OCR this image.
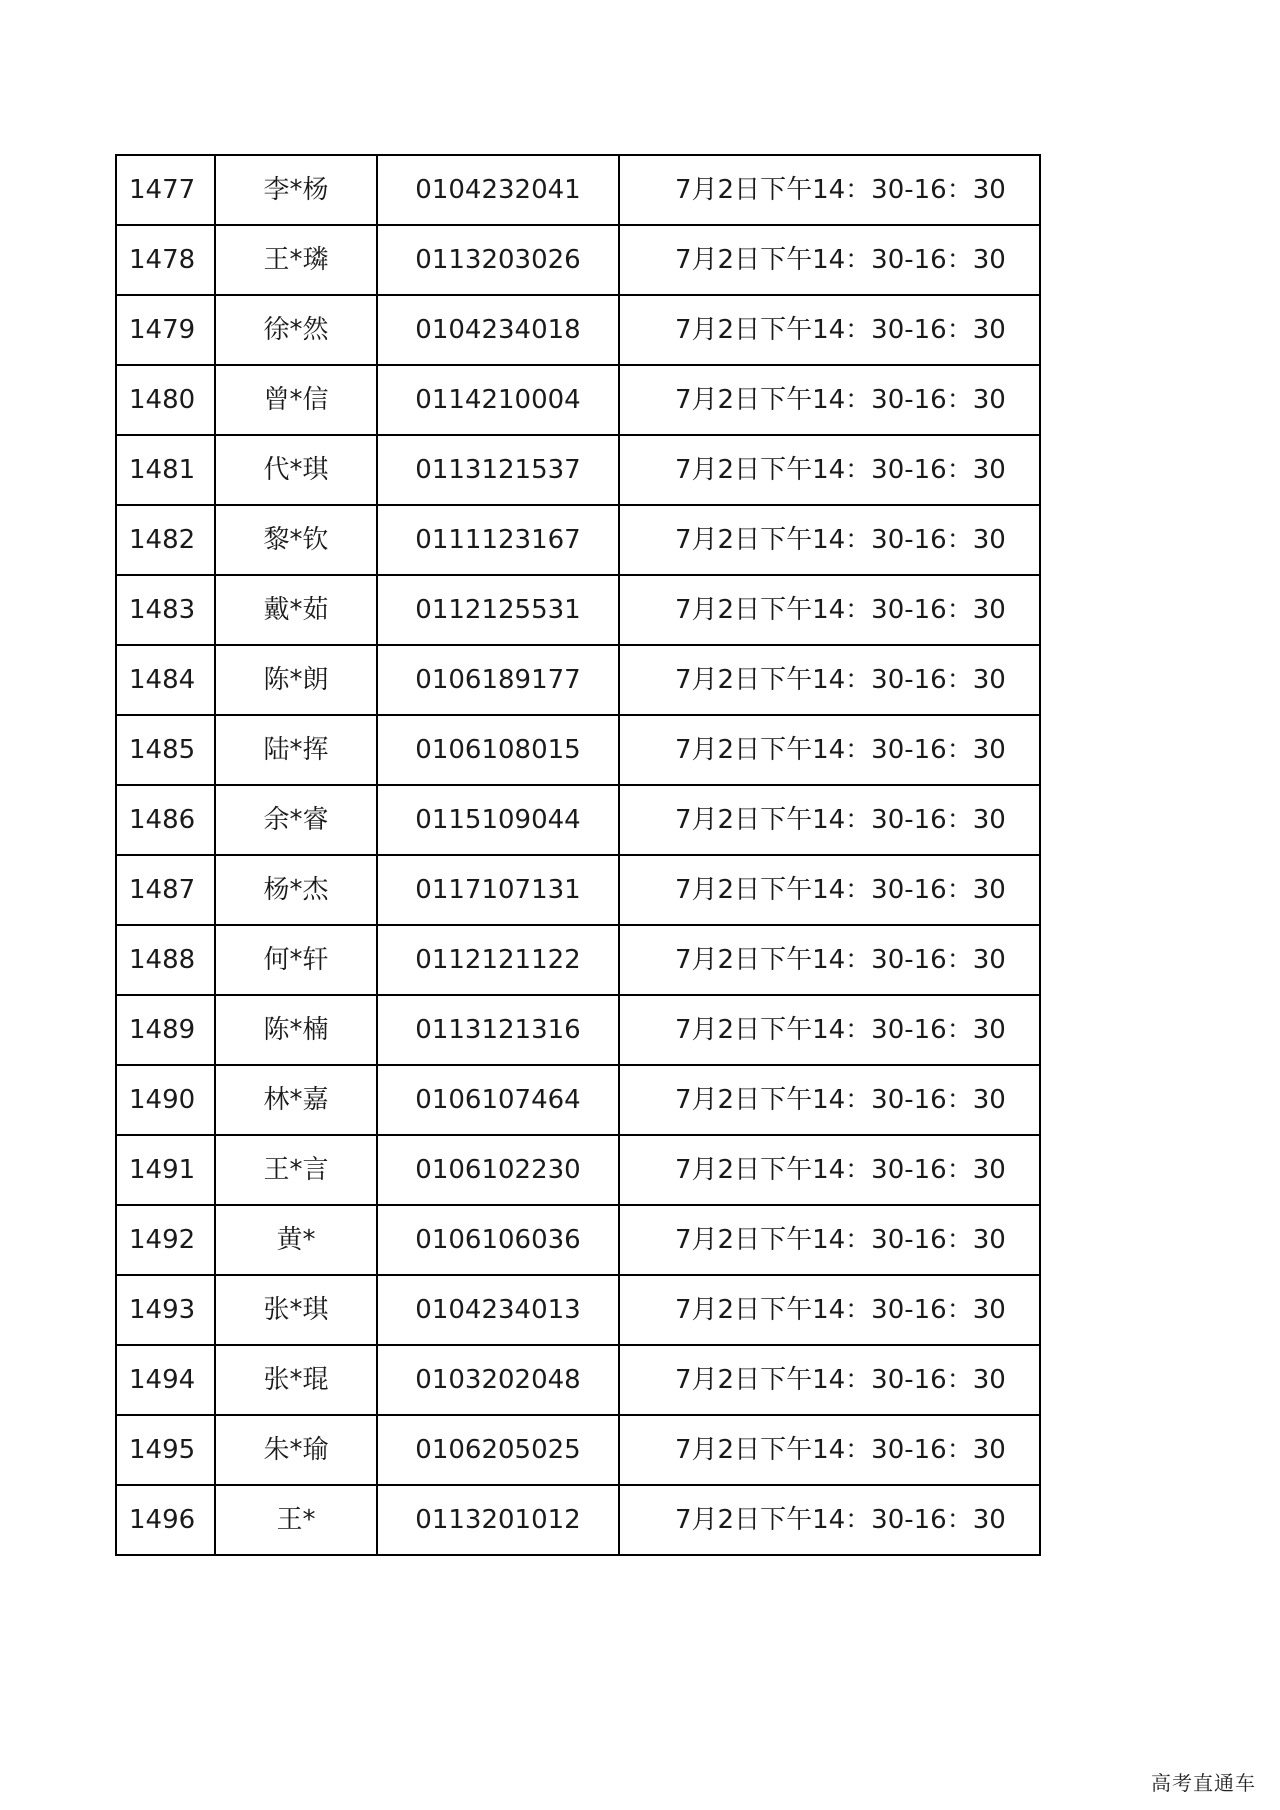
1477	李*杨	0104232041	7月2日下午14：30-16：30
1478	王*璘	0113203026	7月2日下午14：30-16：30
1479	徐*然	0104234018	7月2日下午14：30-16：30
1480	曾*信	0114210004	7月2日下午14：30-16：30
1481	代*琪	0113121537	7月2日下午14：30-16：30
1482	黎*钦	0111123167	7月2日下午14：30-16：30
1483	戴*茹	0112125531	7月2日下午14：30-16：30
1484	陈*朗	0106189177	7月2日下午14：30-16：30
1485	陆*挥	0106108015	7月2日下午14：30-16：30
1486	余*睿	0115109044	7月2日下午14：30-16：30
1487	杨*杰	0117107131	7月2日下午14：30-16：30
1488	何*轩	0112121122	7月2日下午14：30-16：30
1489	陈*楠	0113121316	7月2日下午14：30-16：30
1490	林*嘉	0106107464	7月2日下午14：30-16：30
1491	王*言	0106102230	7月2日下午14：30-16：30
1492	黄*	0106106036	7月2日下午14：30-16：30
1493	张*琪	0104234013	7月2日下午14：30-16：30
1494	张*琨	0103202048	7月2日下午14：30-16：30
1495	朱*瑜	0106205025	7月2日下午14：30-16：30
1496	王*	0113201012	7月2日下午14：30-16：30
高考直通车
